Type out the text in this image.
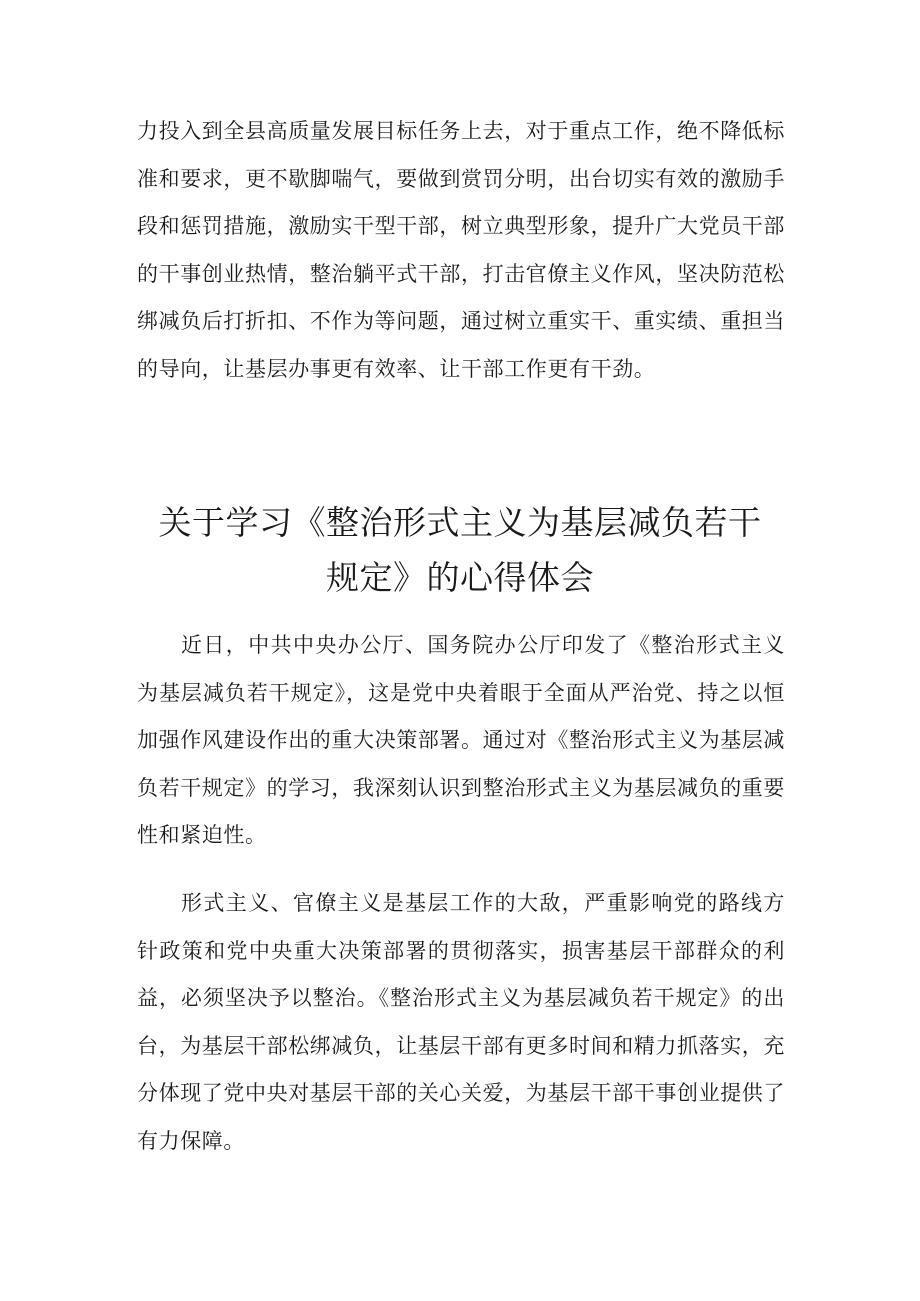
力投入到全县高质量发展目标任务上去，对于重点工作，绝不降低标准和要求，更不歇脚喘气，要做到赏罚分明，出台切实有效的激励手段和惩罚措施，激励实干型干部，树立典型形象，提升广大党员干部的干事创业热情，整治躺平式干部，打击官僚主义作风，坚决防范松绑减负后打折扣、不作为等问题，通过树立重实干、重实绩、重担当的导向，让基层办事更有效率、让干部工作更有干劲。

关于学习《整治形式主义为基层减负若干
规定》的心得体会

近日，中共中央办公厅、国务院办公厅印发了《整治形式主义为基层减负若干规定》，这是党中央着眼于全面从严治党、持之以恒加强作风建设作出的重大决策部署。通过对《整治形式主义为基层减负若干规定》的学习，我深刻认识到整治形式主义为基层减负的重要性和紧迫性。

形式主义、官僚主义是基层工作的大敌，严重影响党的路线方针政策和党中央重大决策部署的贯彻落实，损害基层干部群众的利益，必须坚决予以整治。《整治形式主义为基层减负若干规定》的出台，为基层干部松绑减负，让基层干部有更多时间和精力抓落实，充分体现了党中央对基层干部的关心关爱，为基层干部干事创业提供了有力保障。
